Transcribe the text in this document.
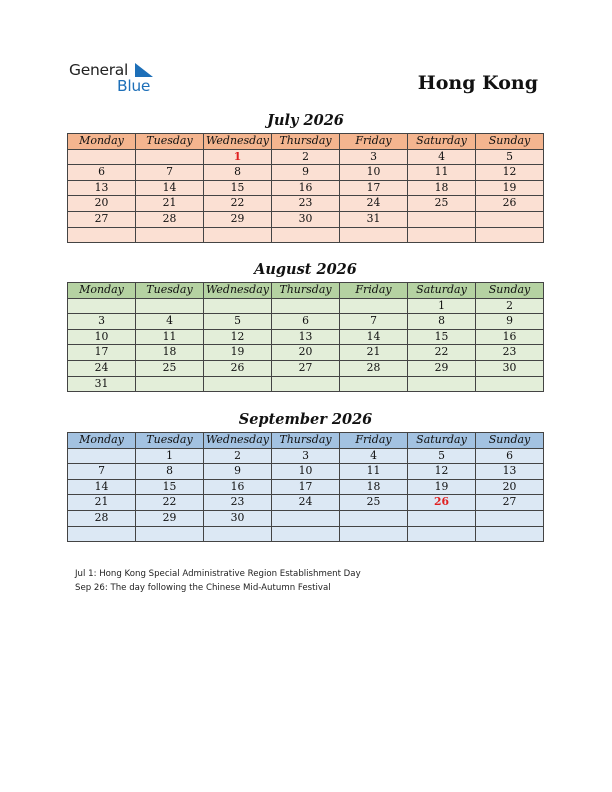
General
Blue	Hong Kong
July 2026
Monday	Tuesday	Wednesday	Thursday	Friday	Saturday	Sunday
		1	2	3	4	5
6	7	8	9	10	11	12
13	14	15	16	17	18	19
20	21	22	23	24	25	26
27	28	29	30	31		

August 2026
Monday	Tuesday	Wednesday	Thursday	Friday	Saturday	Sunday
					1	2
3	4	5	6	7	8	9
10	11	12	13	14	15	16
17	18	19	20	21	22	23
24	25	26	27	28	29	30
31						
September 2026
Monday	Tuesday	Wednesday	Thursday	Friday	Saturday	Sunday
	1	2	3	4	5	6
7	8	9	10	11	12	13
14	15	16	17	18	19	20
21	22	23	24	25	26	27
28	29	30				

Jul 1: Hong Kong Special Administrative Region Establishment Day
Sep 26: The day following the Chinese Mid-Autumn Festival
